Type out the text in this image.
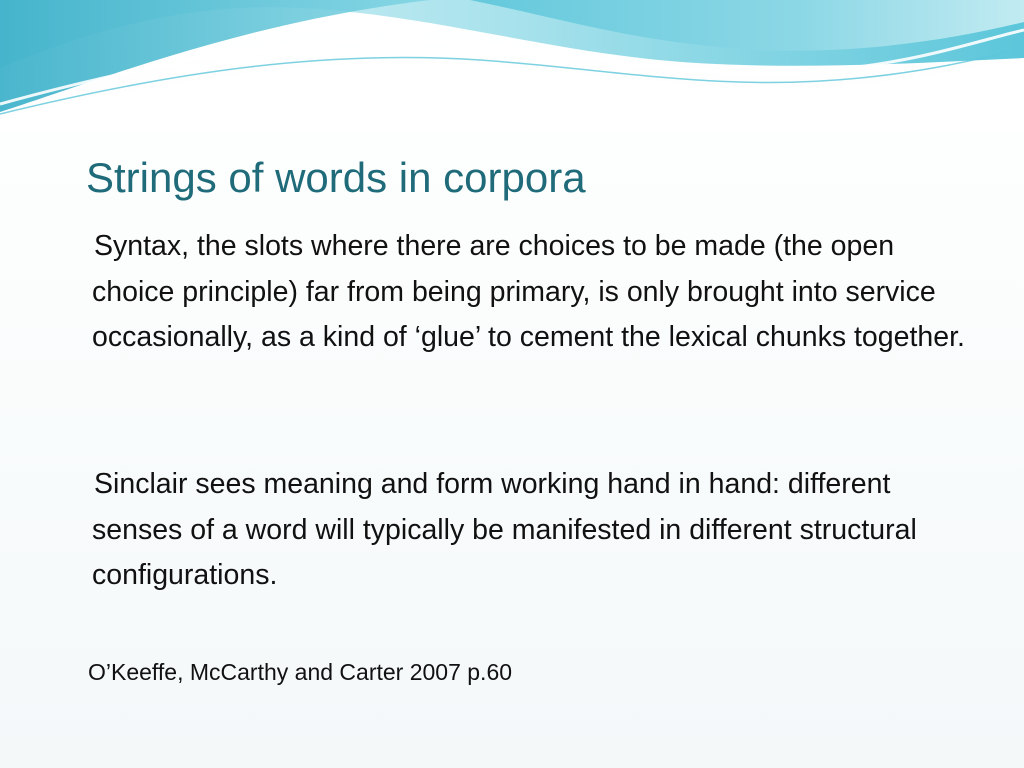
Strings of words in corpora

Syntax, the slots where there are choices to be made (the open choice principle) far from being primary, is only brought into service occasionally, as a kind of ‘glue’ to cement the lexical chunks together.

Sinclair sees meaning and form working hand in hand: different senses of a word will typically be manifested in different structural configurations.

O’Keeffe, McCarthy and Carter 2007 p.60
